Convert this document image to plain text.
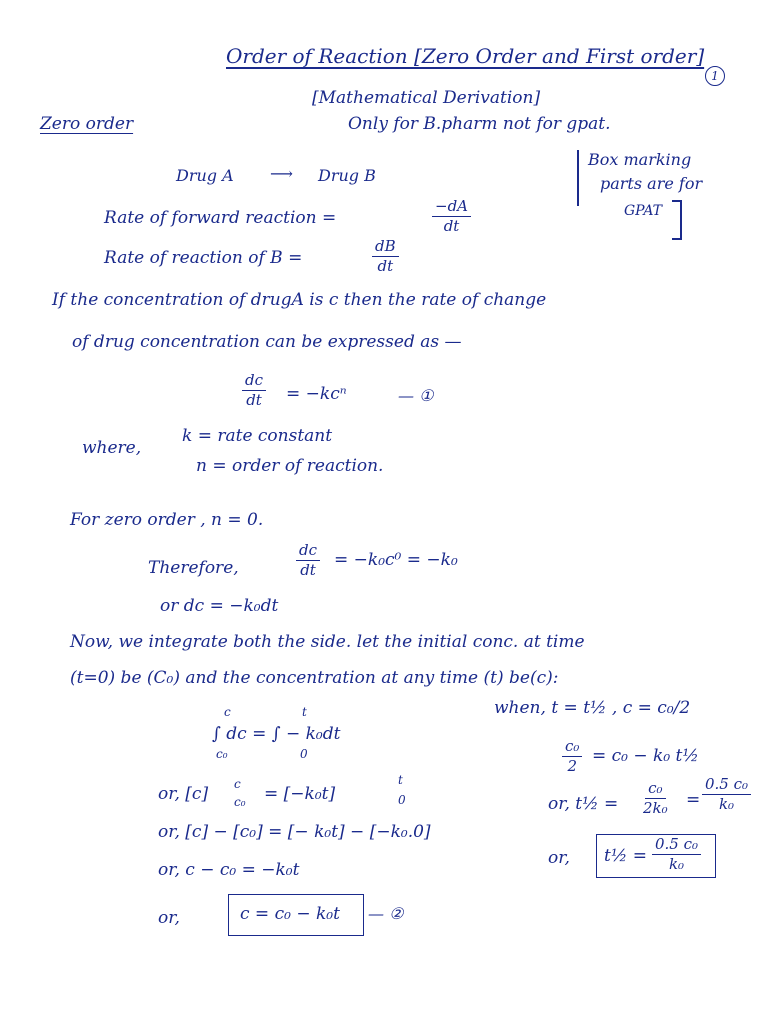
Order of Reaction [Zero Order and First order]
1
[Mathematical Derivation]
Only for B.pharm not for gpat.
Box marking
parts are for
GPAT
Zero order
Drug A ⟶ Drug B
Rate of forward reaction =	$\frac{-dA}{dt}$
Rate of reaction of B =	$\frac{dB}{dt}$
If the concentration of drugA is c then the rate of change
of drug concentration can be expressed as —
$\frac{dc}{dt} = -kc^n$	— ①
where,
k = rate constant
n = order of reaction.
For zero order , n = 0.
Therefore,	$\frac{dc}{dt} = -k_0c^0 = -k_0$
or dc = −k₀dt
Now, we integrate both the side. let the initial conc. at time
(t=0) be (C₀) and the concentration at any time (t) be(c):
∫ dc = ∫ − k₀dt
c
c₀
t
0
or, [c] c
c₀ = [−k₀t]
t
0
or, [c] − [c₀] = [− k₀t] − [−k₀.0]
or, c − c₀ = −k₀t
or,	c = c₀ − k₀t — ②
when, t = t½ , c = c₀/2
$\frac{\text{c₀}}{2} = c_0 - k_0$ t½
or, t½ = $\frac{\text{c₀}}{\text{2k₀}} = \frac{\text{0.5 c₀}}{\text{k₀}}$
or, t½ = $\frac{\text{0.5 c₀}}{\text{k₀}}$
